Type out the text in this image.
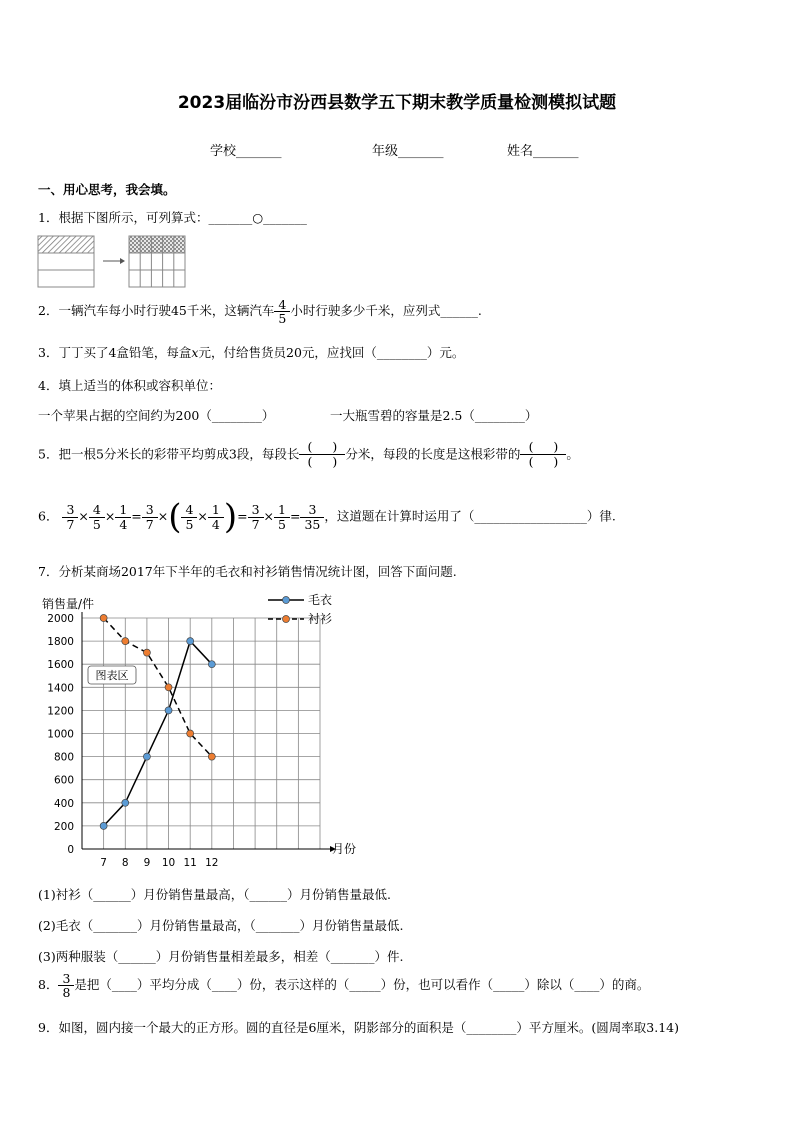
2023届临汾市汾西县数学五下期末教学质量检测模拟试题
学校_______	年级_______	姓名_______
一、用心思考，我会填。
1．根据下图所示，可列算式：_______○_______
2．一辆汽车每小时行驶45千米，这辆汽车 $\frac{4}{5}$ 小时行驶多少千米，应列式______.
3．丁丁买了4盒铅笔，每盒x元，付给售货员20元，应找回（________）元。
4．填上适当的体积或容积单位：
一个苹果占据的空间约为200（________）	一大瓶雪碧的容量是2.5（________）
5．把一根5分米长的彩带平均剪成3段，每段长 $\frac{( )}{( )}$ 分米，每段的长度是这根彩带的 $\frac{( )}{( )}$ 。
6． $\frac{3}{7} \times \frac{4}{5} \times \frac{1}{4} = \frac{3}{7}$ ×( $\frac{4}{5} \times \frac{1}{4}$ )= $\frac{3}{7} \times \frac{1}{5} = \frac{3}{35}$ ，这道题在计算时运用了（__________________）律.
7．分析某商场2017年下半年的毛衣和衬衫销售情况统计图，回答下面问题.
0
200
400
600
800
1000
1200
1400
1600
1800
2000
7 8 9 10 11 12
销售量/件
月份
图表区
毛衣
衬衫
(1)衬衫（______）月份销售量最高，（______）月份销售量最低.
(2)毛衣（_______）月份销售量最高，（_______）月份销售量最低.
(3)两种服装（______）月份销售量相差最多，相差（_______）件.
8． $\frac{3}{8}$ 是把（____）平均分成（____）份，表示这样的（_____）份，也可以看作（_____）除以（____）的商。
9．如图，圆内接一个最大的正方形。圆的直径是6厘米，阴影部分的面积是（________）平方厘米。(圆周率取3.14)
